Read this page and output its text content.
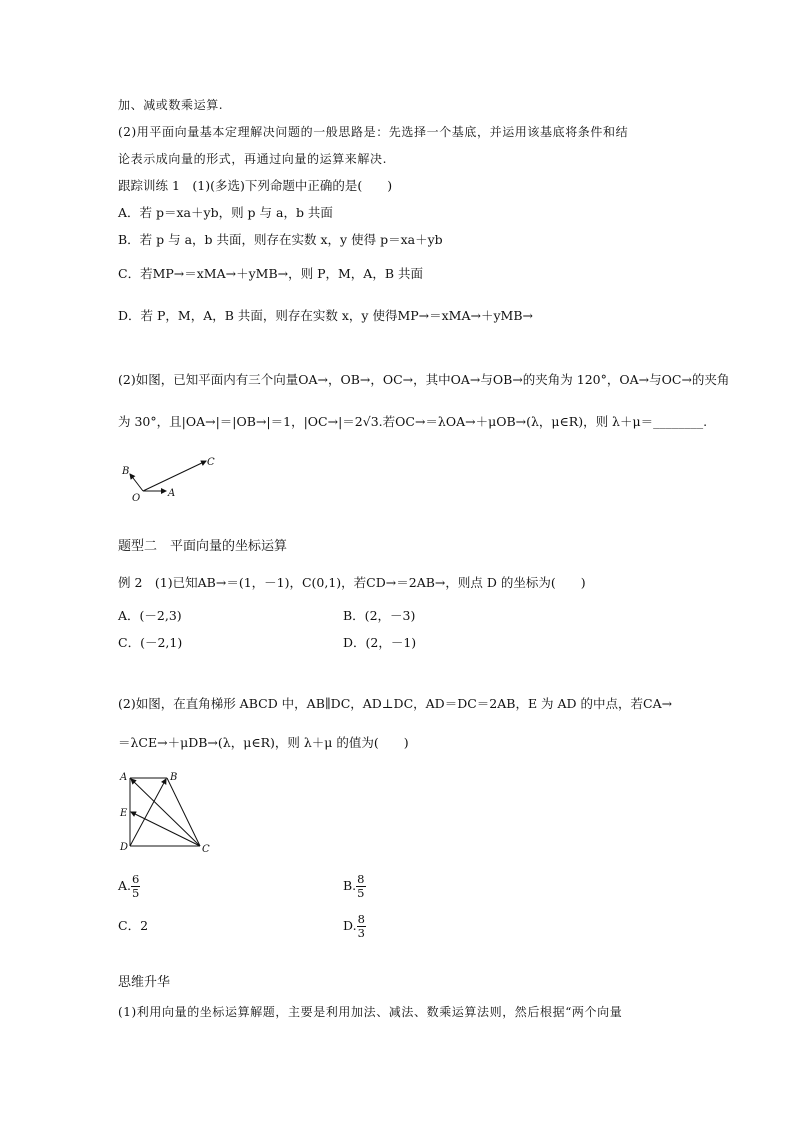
加、减或数乘运算.
(2)用平面向量基本定理解决问题的一般思路是：先选择一个基底，并运用该基底将条件和结
论表示成向量的形式，再通过向量的运算来解决.
跟踪训练 1　(1)(多选)下列命题中正确的是(　　)
A．若 p＝xa＋yb，则 p 与 a，b 共面
B．若 p 与 a，b 共面，则存在实数 x，y 使得 p＝xa＋yb
C．若MP→＝xMA→＋yMB→，则 P，M，A，B 共面
D．若 P，M，A，B 共面，则存在实数 x，y 使得MP→＝xMA→＋yMB→
(2)如图，已知平面内有三个向量OA→，OB→，OC→，其中OA→与OB→的夹角为 120°，OA→与OC→的夹角
为 30°，且|OA→|＝|OB→|＝1，|OC→|＝2√3.若OC→＝λOA→＋μOB→(λ，μ∈R)，则 λ＋μ＝________.
B
C
O	A
题型二　平面向量的坐标运算
例 2　(1)已知AB→＝(1，－1)，C(0,1)，若CD→＝2AB→，则点 D 的坐标为(　　)
A．(－2,3)	B．(2，－3)
C．(－2,1)	D．(2，－1)
(2)如图，在直角梯形 ABCD 中，AB∥DC，AD⊥DC，AD＝DC＝2AB，E 为 AD 的中点，若CA→
＝λCE→＋μDB→(λ，μ∈R)，则 λ＋μ 的值为(　　)
A	B
E
D	C
A. $\frac{6}{5}$	B. $\frac{8}{5}$
C．2	D. $\frac{8}{3}$
思维升华
(1)利用向量的坐标运算解题，主要是利用加法、减法、数乘运算法则，然后根据“两个向量
